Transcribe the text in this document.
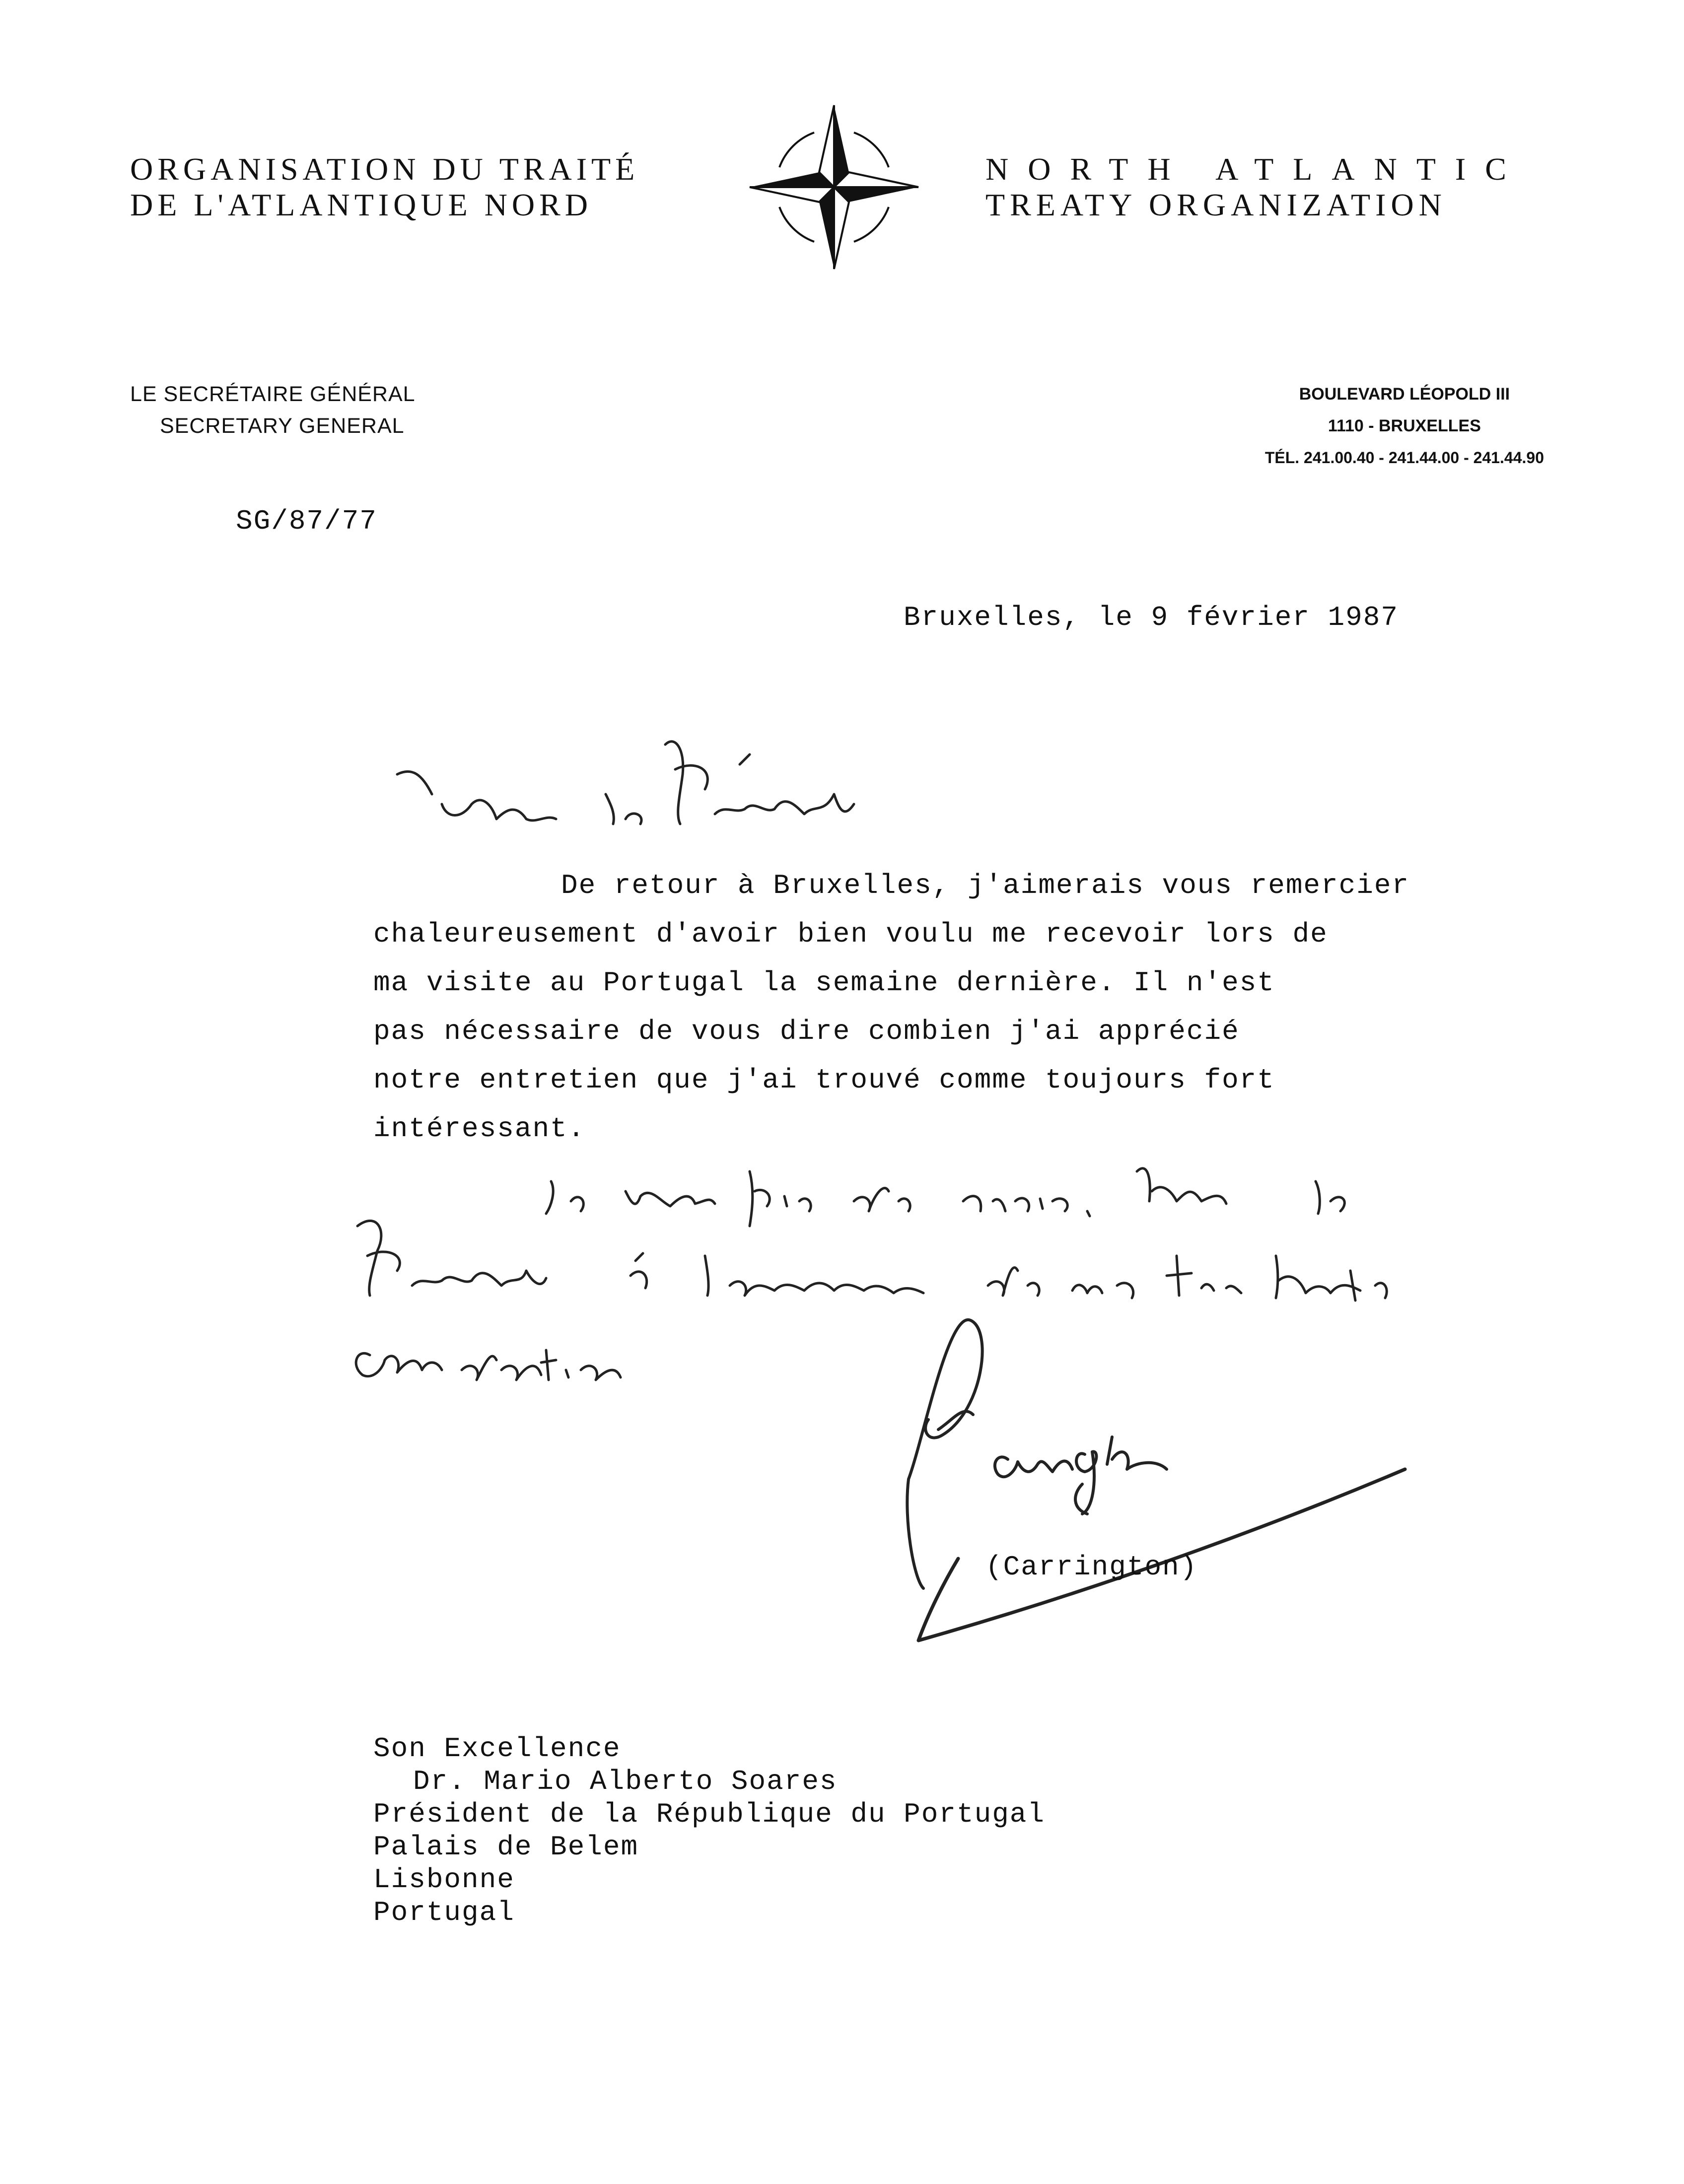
ORGANISATION DU TRAITÉ
DE L'ATLANTIQUE NORD
NORTH ATLANTIC
TREATY ORGANIZATION
LE SECRÉTAIRE GÉNÉRAL
SECRETARY GENERAL
BOULEVARD LÉOPOLD III
1110 - BRUXELLES
TÉL. 241.00.40 - 241.44.00 - 241.44.90
SG/87/77
Bruxelles, le 9 février 1987
De retour à Bruxelles, j'aimerais vous remercier
chaleureusement d'avoir bien voulu me recevoir lors de
ma visite au Portugal la semaine dernière. Il n'est
pas nécessaire de vous dire combien j'ai apprécié
notre entretien que j'ai trouvé comme toujours fort
intéressant.
(Carrington)
Son Excellence
Dr. Mario Alberto Soares
Président de la République du Portugal
Palais de Belem
Lisbonne
Portugal
